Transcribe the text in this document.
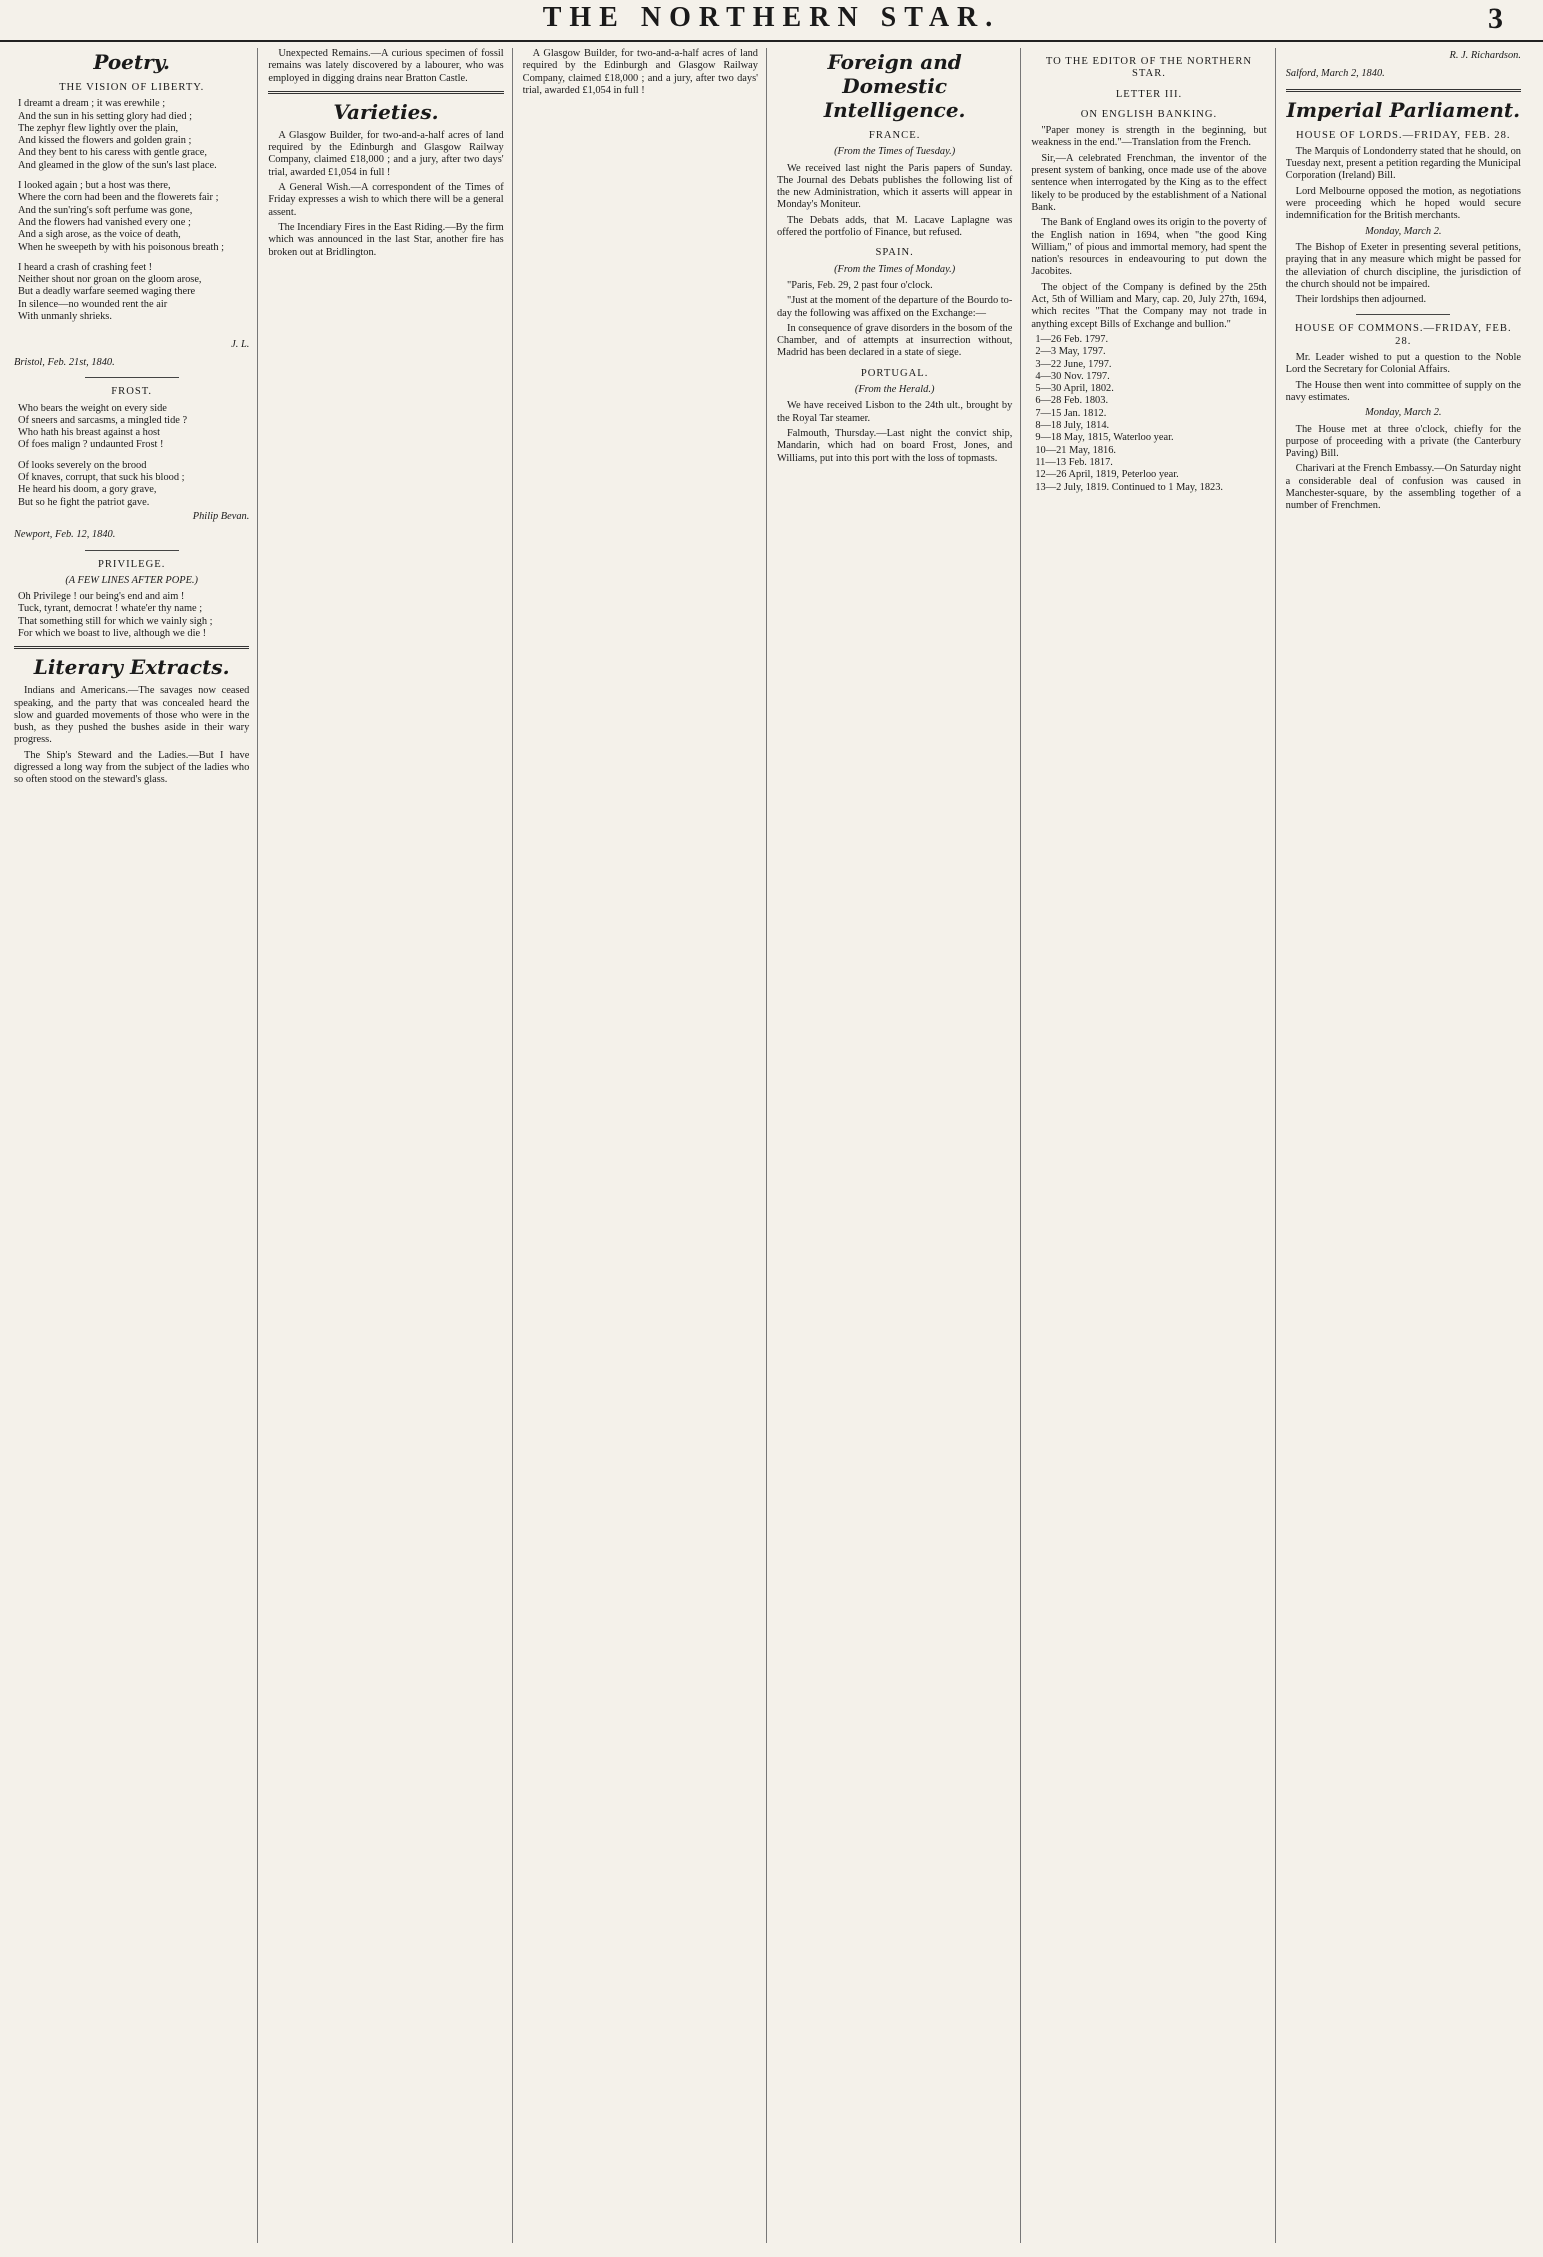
THE NORTHERN STAR.	3
Poetry.
THE VISION OF LIBERTY.

I dreamt a dream ; it was erewhile ;

And the sun in his setting glory had died ;

The zephyr flew lightly over the plain,

And kissed the flowers and golden grain ;

And they bent to his caress with gentle grace,

And gleamed in the glow of the sun's last place.

I looked again ; but a host was there,

Where the corn had been and the flowerets fair ;

And the sun'ring's soft perfume was gone,

And the flowers had vanished every one ;

And a sigh arose, as the voice of death,

When he sweepeth by with his poisonous breath ;

I heard a crash of crashing feet !

Neither shout nor groan on the gloom arose,

But a deadly warfare seemed waging there

In silence—no wounded rent the air

With unmanly shrieks.

J. L.
Bristol, Feb. 21st, 1840.
FROST.

Who bears the weight on every side

Of sneers and sarcasms, a mingled tide ?

Who hath his breast against a host

Of foes malign ? undaunted Frost !

Of looks severely on the brood

Of knaves, corrupt, that suck his blood ;

He heard his doom, a gory grave,

But so he fight the patriot gave.

Philip Bevan.
Newport, Feb. 12, 1840.
PRIVILEGE.
(A FEW LINES AFTER POPE.)

Oh Privilege ! our being's end and aim !

Tuck, tyrant, democrat ! whate'er thy name ;

That something still for which we vainly sigh ;

For which we boast to live, although we die !

Literary Extracts.

Indians and Americans.—The savages now ceased speaking, and the party that was concealed heard the slow and guarded movements of those who were in the bush, as they pushed the bushes aside in their wary progress.

The Ship's Steward and the Ladies.—But I have digressed a long way from the subject of the ladies who so often stood on the steward's glass.

Unexpected Remains.—A curious specimen of fossil remains was lately discovered by a labourer, who was employed in digging drains near Bratton Castle.

Varieties.

A Glasgow Builder, for two-and-a-half acres of land required by the Edinburgh and Glasgow Railway Company, claimed £18,000 ; and a jury, after two days' trial, awarded £1,054 in full !

A General Wish.—A correspondent of the Times of Friday expresses a wish to which there will be a general assent.

The Incendiary Fires in the East Riding.—By the firm which was announced in the last Star, another fire has broken out at Bridlington.

A Glasgow Builder, for two-and-a-half acres of land required by the Edinburgh and Glasgow Railway Company, claimed £18,000 ; and a jury, after two days' trial, awarded £1,054 in full !

Foreign and Domestic Intelligence.
FRANCE.
(From the Times of Tuesday.)

We received last night the Paris papers of Sunday. The Journal des Debats publishes the following list of the new Administration, which it asserts will appear in Monday's Moniteur.

The Debats adds, that M. Lacave Laplagne was offered the portfolio of Finance, but refused.

SPAIN.
(From the Times of Monday.)

"Paris, Feb. 29, 2 past four o'clock.

"Just at the moment of the departure of the Bourdo to-day the following was affixed on the Exchange:—

In consequence of grave disorders in the bosom of the Chamber, and of attempts at insurrection without, Madrid has been declared in a state of siege.

PORTUGAL.
(From the Herald.)

We have received Lisbon to the 24th ult., brought by the Royal Tar steamer.

Falmouth, Thursday.—Last night the convict ship, Mandarin, which had on board Frost, Jones, and Williams, put into this port with the loss of topmasts.

TO THE EDITOR OF THE NORTHERN STAR.
LETTER III.
ON ENGLISH BANKING.

"Paper money is strength in the beginning, but weakness in the end."—Translation from the French.

Sir,—A celebrated Frenchman, the inventor of the present system of banking, once made use of the above sentence when interrogated by the King as to the effect likely to be produced by the establishment of a National Bank.

The Bank of England owes its origin to the poverty of the English nation in 1694, when "the good King William," of pious and immortal memory, had spent the nation's resources in endeavouring to put down the Jacobites.

The object of the Company is defined by the 25th Act, 5th of William and Mary, cap. 20, July 27th, 1694, which recites "That the Company may not trade in anything except Bills of Exchange and bullion."

1—26 Feb. 1797.

2—3 May, 1797.

3—22 June, 1797.

4—30 Nov. 1797.

5—30 April, 1802.

6—28 Feb. 1803.

7—15 Jan. 1812.

8—18 July, 1814.

9—18 May, 1815, Waterloo year.

10—21 May, 1816.

11—13 Feb. 1817.

12—26 April, 1819, Peterloo year.

13—2 July, 1819. Continued to 1 May, 1823.

R. J. Richardson.
Salford, March 2, 1840.
Imperial Parliament.
HOUSE OF LORDS.—FRIDAY, FEB. 28.

The Marquis of Londonderry stated that he should, on Tuesday next, present a petition regarding the Municipal Corporation (Ireland) Bill.

Lord Melbourne opposed the motion, as negotiations were proceeding which he hoped would secure indemnification for the British merchants.

Monday, March 2.

The Bishop of Exeter in presenting several petitions, praying that in any measure which might be passed for the alleviation of church discipline, the jurisdiction of the church should not be impaired.

Their lordships then adjourned.

HOUSE OF COMMONS.—FRIDAY, FEB. 28.

Mr. Leader wished to put a question to the Noble Lord the Secretary for Colonial Affairs.

The House then went into committee of supply on the navy estimates.

Monday, March 2.

The House met at three o'clock, chiefly for the purpose of proceeding with a private (the Canterbury Paving) Bill.

Charivari at the French Embassy.—On Saturday night a considerable deal of confusion was caused in Manchester-square, by the assembling together of a number of Frenchmen.
